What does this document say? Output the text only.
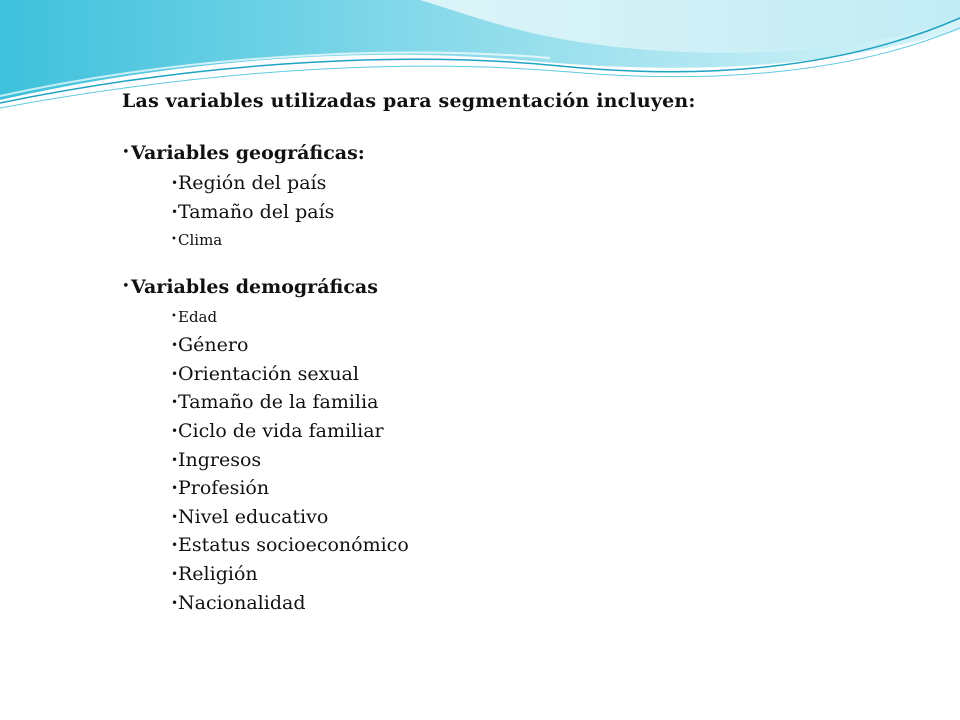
Las variables utilizadas para segmentación incluyen:
• Variables geográficas:
• Región del país
• Tamaño del país
• Clima
• Variables demográficas
• Edad
• Género
• Orientación sexual
• Tamaño de la familia
• Ciclo de vida familiar
• Ingresos
• Profesión
• Nivel educativo
• Estatus socioeconómico
• Religión
• Nacionalidad
